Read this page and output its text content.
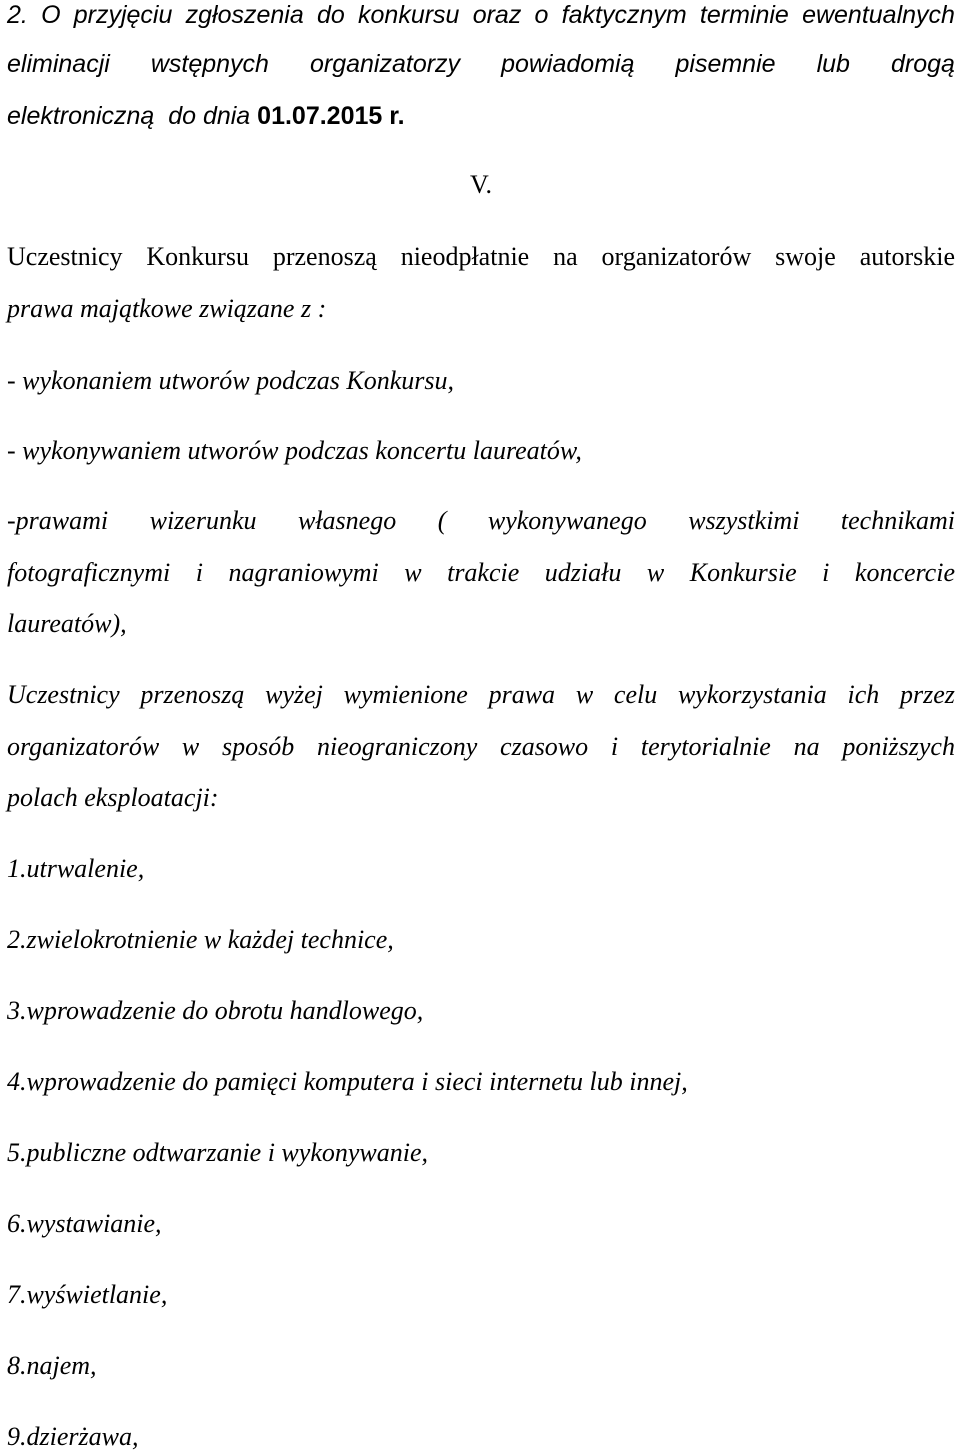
2. O przyjęciu zgłoszenia do konkursu oraz o faktycznym terminie ewentualnych
eliminacji wstępnych organizatorzy powiadomią pisemnie lub drogą
elektroniczną  do dnia 01.07.2015 r.
V.
Uczestnicy Konkursu przenoszą nieodpłatnie na organizatorów swoje autorskie
prawa majątkowe związane z :
- wykonaniem utworów podczas Konkursu,
- wykonywaniem utworów podczas koncertu laureatów,
-prawami wizerunku własnego ( wykonywanego wszystkimi technikami
fotograficznymi i nagraniowymi w trakcie udziału w Konkursie i koncercie
laureatów),
Uczestnicy przenoszą wyżej wymienione prawa w celu wykorzystania ich przez
organizatorów w sposób nieograniczony czasowo i terytorialnie na poniższych
polach eksploatacji:
1.utrwalenie,
2.zwielokrotnienie w każdej technice,
3.wprowadzenie do obrotu handlowego,
4.wprowadzenie do pamięci komputera i sieci internetu lub innej,
5.publiczne odtwarzanie i wykonywanie,
6.wystawianie,
7.wyświetlanie,
8.najem,
9.dzierżawa,
